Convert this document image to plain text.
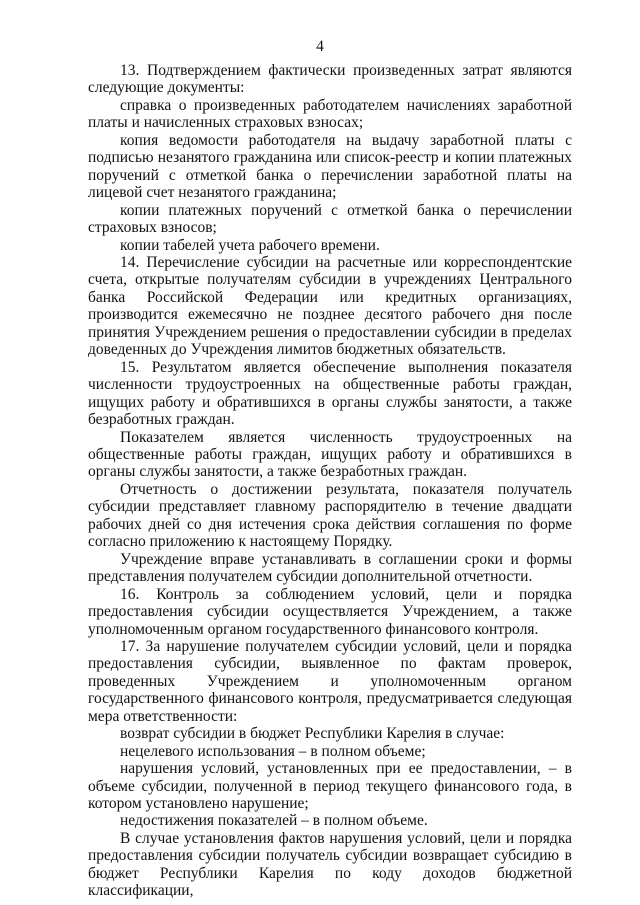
4

13. Подтверждением фактически произведенных затрат являются следующие документы:

справка о произведенных работодателем начислениях заработной платы и начисленных страховых взносах;

копия ведомости работодателя на выдачу заработной платы с подписью незанятого гражданина или список-реестр и копии платежных поручений с отметкой банка о перечислении заработной платы на лицевой счет незанятого гражданина;

копии платежных поручений с отметкой банка о перечислении страховых взносов;

копии табелей учета рабочего времени.

14. Перечисление субсидии на расчетные или корреспондентские счета, открытые получателям субсидии в учреждениях Центрального банка Российской Федерации или кредитных организациях, производится ежемесячно не позднее десятого рабочего дня после принятия Учреждением решения о предоставлении субсидии в пределах доведенных до Учреждения лимитов бюджетных обязательств.

15. Результатом является обеспечение выполнения показателя численности трудоустроенных на общественные работы граждан, ищущих работу и обратившихся в органы службы занятости, а также безработных граждан.

Показателем является численность трудоустроенных на общественные работы граждан, ищущих работу и обратившихся в органы службы занятости, а также безработных граждан.

Отчетность о достижении результата, показателя получатель субсидии представляет главному распорядителю в течение двадцати рабочих дней со дня истечения срока действия соглашения по форме согласно приложению к настоящему Порядку.

Учреждение вправе устанавливать в соглашении сроки и формы представления получателем субсидии дополнительной отчетности.

16. Контроль за соблюдением условий, цели и порядка предоставления субсидии осуществляется Учреждением, а также уполномоченным органом государственного финансового контроля.

17. За нарушение получателем субсидии условий, цели и порядка предоставления субсидии, выявленное по фактам проверок, проведенных Учреждением и уполномоченным органом государственного финансового контроля, предусматривается следующая мера ответственности:

возврат субсидии в бюджет Республики Карелия в случае:

нецелевого использования – в полном объеме;

нарушения условий, установленных при ее предоставлении, – в объеме субсидии, полученной в период текущего финансового года, в котором установлено нарушение;

недостижения показателей – в полном объеме.

В случае установления фактов нарушения условий, цели и порядка предоставления субсидии получатель субсидии возвращает субсидию в бюджет Республики Карелия по коду доходов бюджетной классификации,
